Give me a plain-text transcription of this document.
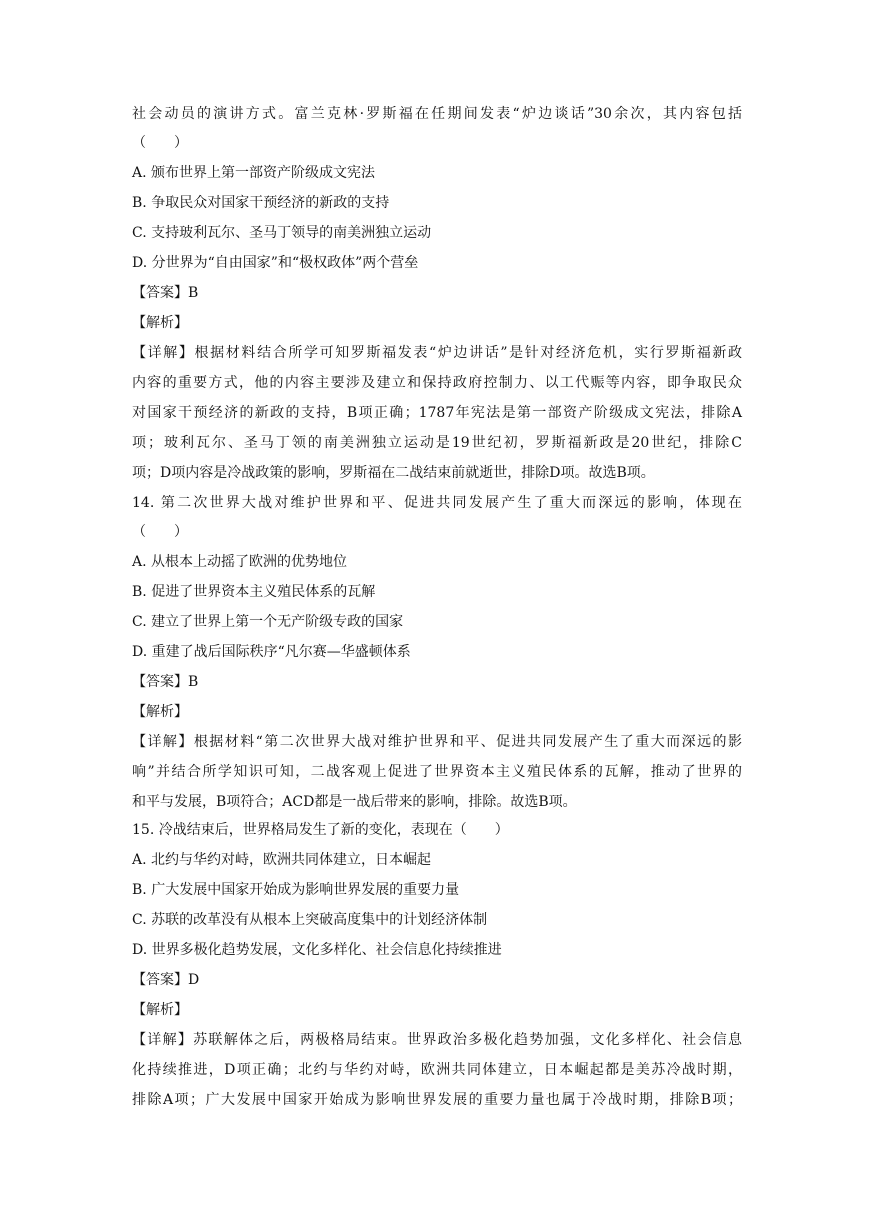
社会动员的演讲方式。富兰克林·罗斯福在任期间发表“炉边谈话”30余次，其内容包括
（　　）
A. 颁布世界上第一部资产阶级成文宪法
B. 争取民众对国家干预经济的新政的支持
C. 支持玻利瓦尔、圣马丁领导的南美洲独立运动
D. 分世界为“自由国家”和“极权政体”两个营垒
【答案】B
【解析】
【详解】根据材料结合所学可知罗斯福发表“炉边讲话”是针对经济危机，实行罗斯福新政
内容的重要方式，他的内容主要涉及建立和保持政府控制力、以工代赈等内容，即争取民众
对国家干预经济的新政的支持，B项正确；1787年宪法是第一部资产阶级成文宪法，排除A
项；玻利瓦尔、圣马丁领的南美洲独立运动是19世纪初，罗斯福新政是20世纪，排除C
项；D项内容是冷战政策的影响，罗斯福在二战结束前就逝世，排除D项。故选B项。
14. 第二次世界大战对维护世界和平、促进共同发展产生了重大而深远的影响，体现在
（　　）
A. 从根本上动摇了欧洲的优势地位
B. 促进了世界资本主义殖民体系的瓦解
C. 建立了世界上第一个无产阶级专政的国家
D. 重建了战后国际秩序“凡尔赛—华盛顿体系
【答案】B
【解析】
【详解】根据材料“第二次世界大战对维护世界和平、促进共同发展产生了重大而深远的影
响”并结合所学知识可知，二战客观上促进了世界资本主义殖民体系的瓦解，推动了世界的
和平与发展，B项符合；ACD都是一战后带来的影响，排除。故选B项。
15. 冷战结束后，世界格局发生了新的变化，表现在（　　）
A. 北约与华约对峙，欧洲共同体建立，日本崛起
B. 广大发展中国家开始成为影响世界发展的重要力量
C. 苏联的改革没有从根本上突破高度集中的计划经济体制
D. 世界多极化趋势发展，文化多样化、社会信息化持续推进
【答案】D
【解析】
【详解】苏联解体之后，两极格局结束。世界政治多极化趋势加强，文化多样化、社会信息
化持续推进，D项正确；北约与华约对峙，欧洲共同体建立，日本崛起都是美苏冷战时期，
排除A项；广大发展中国家开始成为影响世界发展的重要力量也属于冷战时期，排除B项；
